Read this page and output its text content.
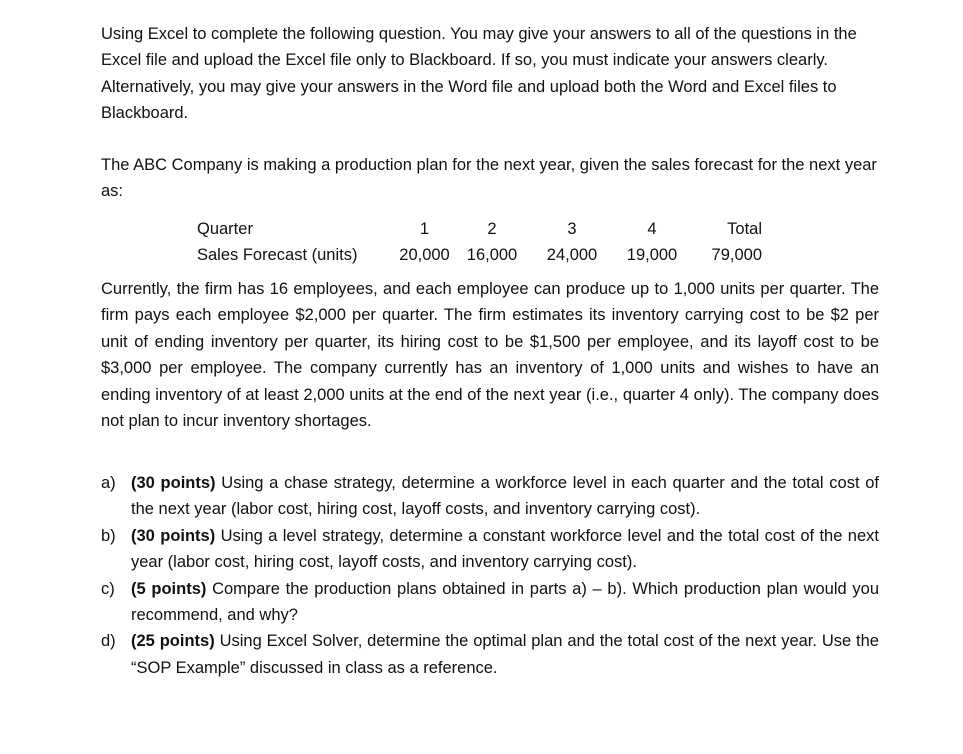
Using Excel to complete the following question. You may give your answers to all of the questions in the Excel file and upload the Excel file only to Blackboard. If so, you must indicate your answers clearly. Alternatively, you may give your answers in the Word file and upload both the Word and Excel files to Blackboard.

The ABC Company is making a production plan for the next year, given the sales forecast for the next year as:

Quarter	1	2	3	4	Total
Sales Forecast (units)	20,000	16,000	24,000	19,000	79,000

Currently, the firm has 16 employees, and each employee can produce up to 1,000 units per quarter. The firm pays each employee $2,000 per quarter. The firm estimates its inventory carrying cost to be $2 per unit of ending inventory per quarter, its hiring cost to be $1,500 per employee, and its layoff cost to be $3,000 per employee. The company currently has an inventory of 1,000 units and wishes to have an ending inventory of at least 2,000 units at the end of the next year (i.e., quarter 4 only). The company does not plan to incur inventory shortages.

a) (30 points) Using a chase strategy, determine a workforce level in each quarter and the total cost of the next year (labor cost, hiring cost, layoff costs, and inventory carrying cost).
b) (30 points) Using a level strategy, determine a constant workforce level and the total cost of the next year (labor cost, hiring cost, layoff costs, and inventory carrying cost).
c) (5 points) Compare the production plans obtained in parts a) – b). Which production plan would you recommend, and why?
d) (25 points) Using Excel Solver, determine the optimal plan and the total cost of the next year. Use the “SOP Example” discussed in class as a reference.
